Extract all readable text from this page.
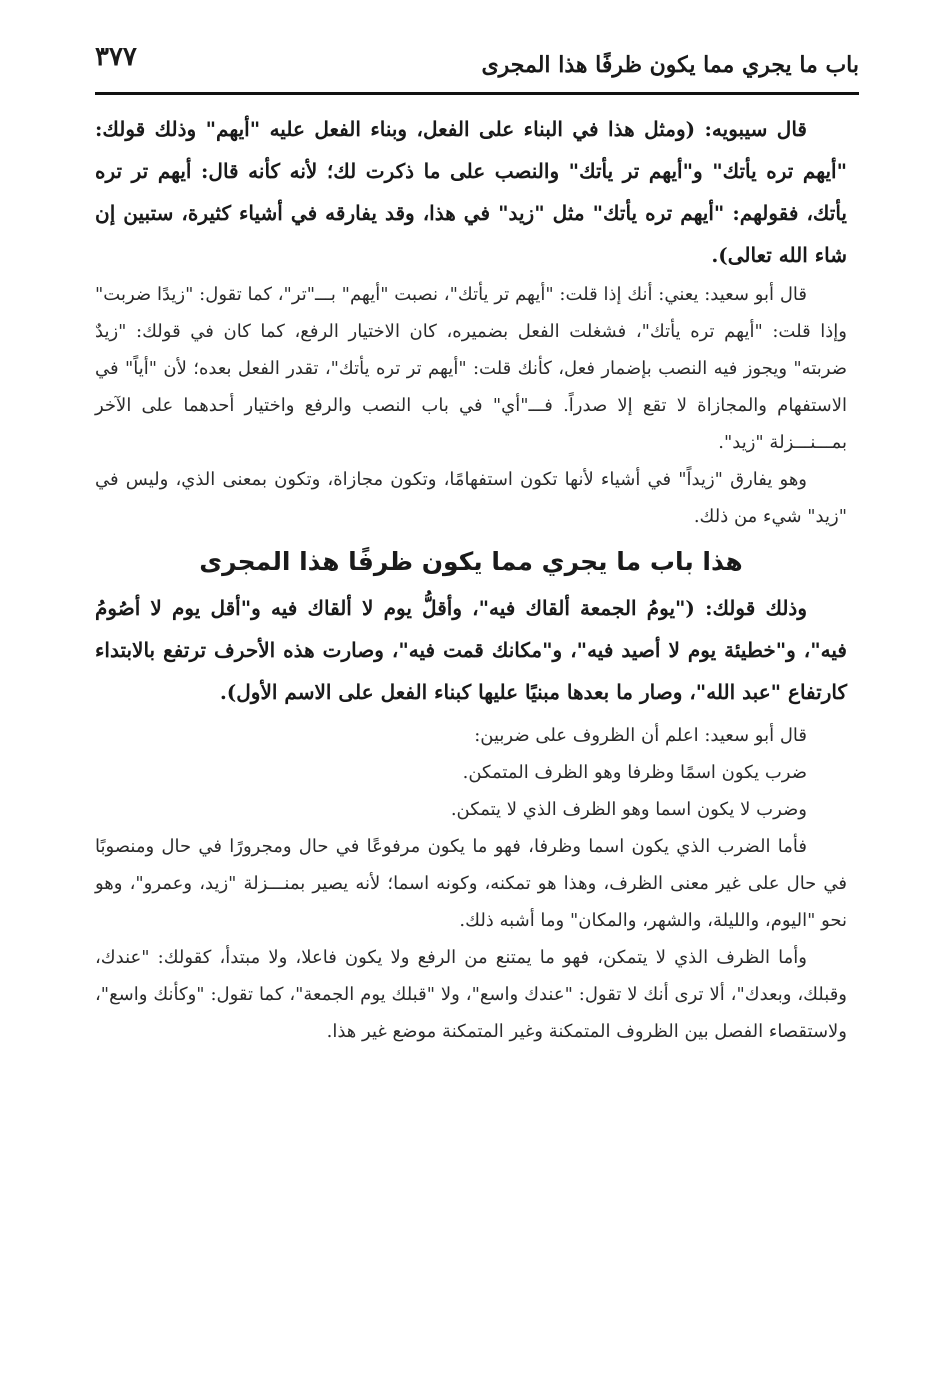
باب ما يجري مما يكون ظرفًا هذا المجرى
٣٧٧

قال سيبويه: (ومثل هذا في البناء على الفعل، وبناء الفعل عليه "أيهم" وذلك قولك: "أيهم تره يأتك" و"أيهم تر يأتك" والنصب على ما ذكرت لك؛ لأنه كأنه قال: أيهم تر تره يأتك، فقولهم: "أيهم تره يأتك" مثل "زيد" في هذا، وقد يفارقه في أشياء كثيرة، ستبين إن شاء الله تعالى).

قال أبو سعيد: يعني: أنك إذا قلت: "أيهم تر يأتك"، نصبت "أيهم" بـــ"تر"، كما تقول: "زيدًا ضربت" وإذا قلت: "أيهم تره يأتك"، فشغلت الفعل بضميره، كان الاختيار الرفع، كما كان في قولك: "زيدٌ ضربته" ويجوز فيه النصب بإضمار فعل، كأنك قلت: "أيهم تر تره يأتك"، تقدر الفعل بعده؛ لأن "أياً" في الاستفهام والمجازاة لا تقع إلا صدراً. فـــ"أي" في باب النصب والرفع واختيار أحدهما على الآخر بمـــنـــزلة "زيد".

وهو يفارق "زيداً" في أشياء لأنها تكون استفهامًا، وتكون مجازاة، وتكون بمعنى الذي، وليس في "زيد" شيء من ذلك.

هذا باب ما يجري مما يكون ظرفًا هذا المجرى

وذلك قولك: ("يومُ الجمعة ألقاك فيه"، وأقلُّ يوم لا ألقاك فيه و"أقل يوم لا أصُومُ فيه"، و"خطيئة يوم لا أصيد فيه"، و"مكانك قمت فيه"، وصارت هذه الأحرف ترتفع بالابتداء كارتفاع "عبد الله"، وصار ما بعدها مبنيًا عليها كبناء الفعل على الاسم الأول).

قال أبو سعيد: اعلم أن الظروف على ضربين:

ضرب يكون اسمًا وظرفا وهو الظرف المتمكن.

وضرب لا يكون اسما وهو الظرف الذي لا يتمكن.

فأما الضرب الذي يكون اسما وظرفا، فهو ما يكون مرفوعًا في حال ومجرورًا في حال ومنصوبًا في حال على غير معنى الظرف، وهذا هو تمكنه، وكونه اسما؛ لأنه يصير بمنـــزلة "زيد، وعمرو"، وهو نحو "اليوم، والليلة، والشهر، والمكان" وما أشبه ذلك.

وأما الظرف الذي لا يتمكن، فهو ما يمتنع من الرفع ولا يكون فاعلا، ولا مبتدأ، كقولك: "عندك، وقبلك، وبعدك"، ألا ترى أنك لا تقول: "عندك واسع"، ولا "قبلك يوم الجمعة"، كما تقول: "وكأنك واسع"، ولاستقصاء الفصل بين الظروف المتمكنة وغير المتمكنة موضع غير هذا.
